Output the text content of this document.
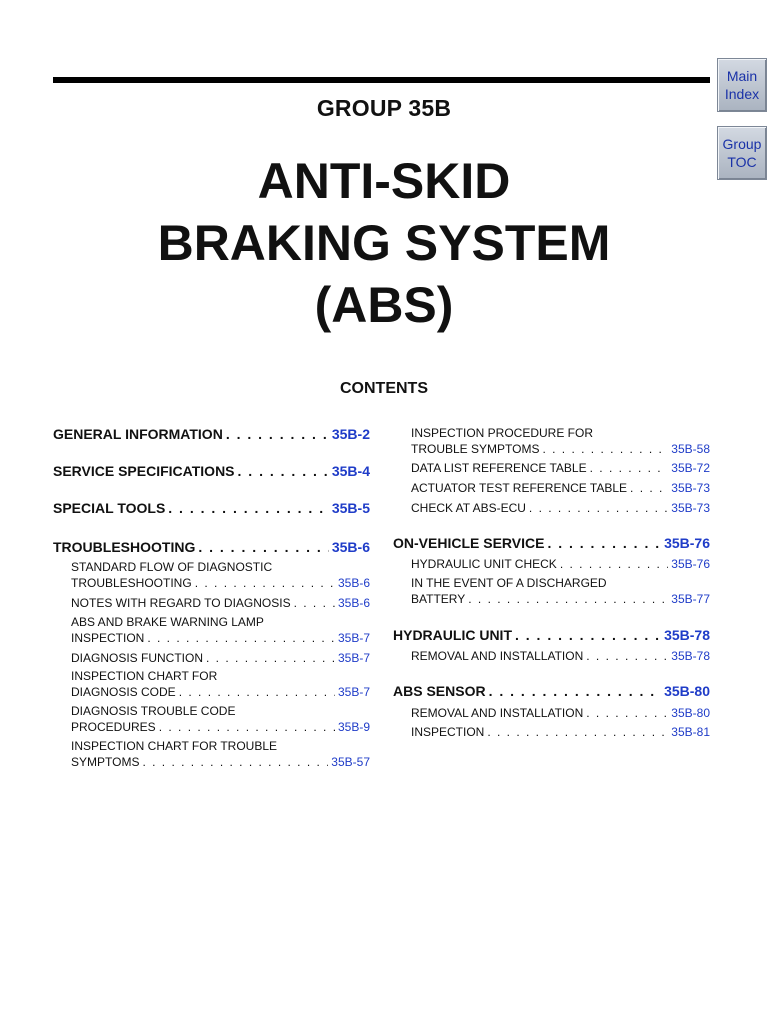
Main
Index
Group
TOC
GROUP 35B
ANTI-SKID
BRAKING SYSTEM
(ABS)
CONTENTS
GENERAL INFORMATION . . .	35B-2
SERVICE SPECIFICATIONS . . .	35B-4
SPECIAL TOOLS . . .	35B-5
TROUBLESHOOTING . . .	35B-6
STANDARD FLOW OF DIAGNOSTIC
TROUBLESHOOTING . . .	35B-6
NOTES WITH REGARD TO DIAGNOSIS . . .	35B-6
ABS AND BRAKE WARNING LAMP
INSPECTION . . .	35B-7
DIAGNOSIS FUNCTION . . .	35B-7
INSPECTION CHART FOR
DIAGNOSIS CODE . . .	35B-7
DIAGNOSIS TROUBLE CODE
PROCEDURES . . .	35B-9
INSPECTION CHART FOR TROUBLE
SYMPTOMS . . .	35B-57
INSPECTION PROCEDURE FOR
TROUBLE SYMPTOMS . . .	35B-58
DATA LIST REFERENCE TABLE . . .	35B-72
ACTUATOR TEST REFERENCE TABLE . . .	35B-73
CHECK AT ABS-ECU . . .	35B-73
ON-VEHICLE SERVICE . . .	35B-76
HYDRAULIC UNIT CHECK . . .	35B-76
IN THE EVENT OF A DISCHARGED
BATTERY . . .	35B-77
HYDRAULIC UNIT . . .	35B-78
REMOVAL AND INSTALLATION . . .	35B-78
ABS SENSOR . . .	35B-80
REMOVAL AND INSTALLATION . . .	35B-80
INSPECTION . . .	35B-81
